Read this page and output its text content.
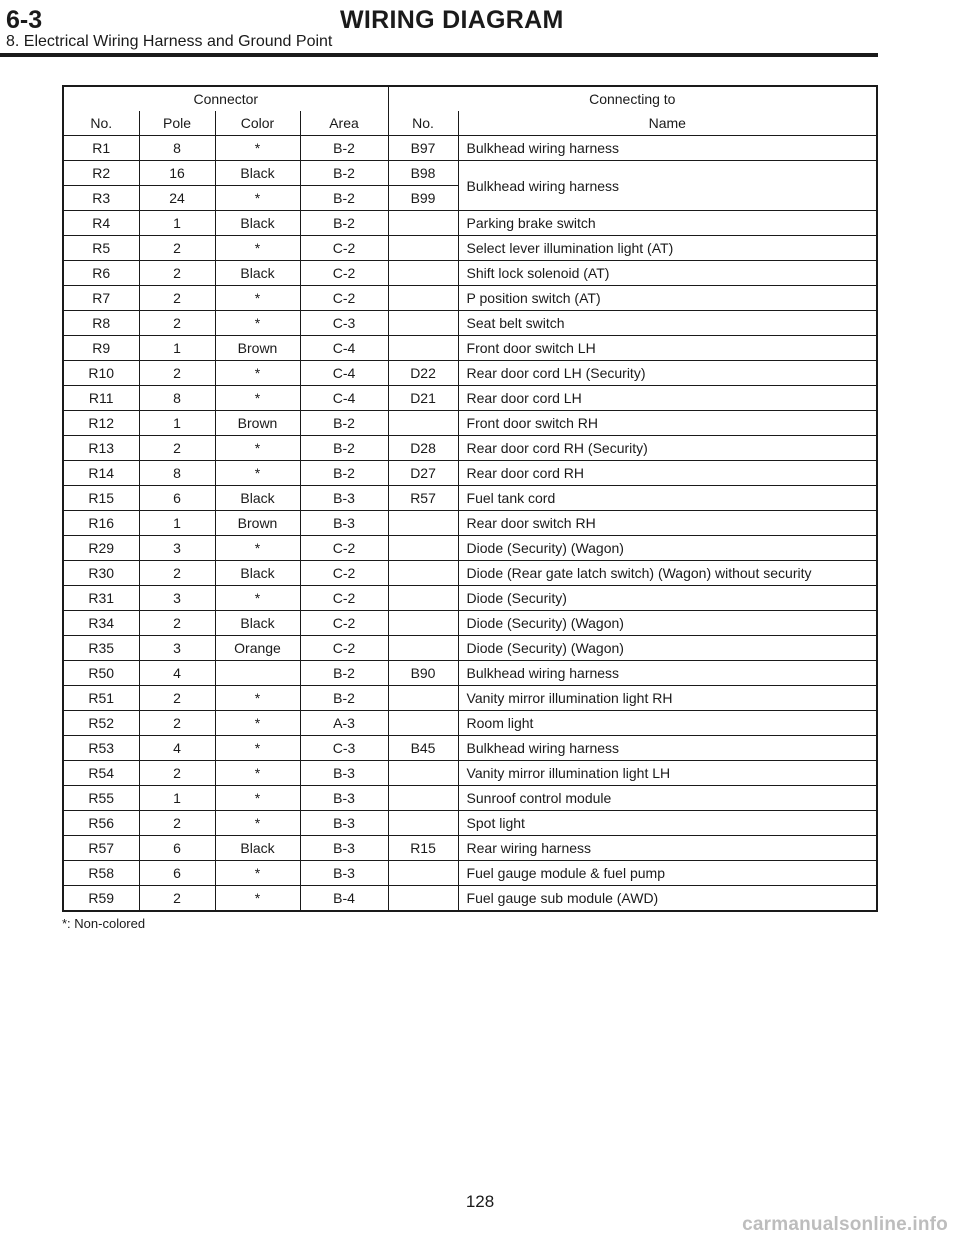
6-3	WIRING DIAGRAM
8. Electrical Wiring Harness and Ground Point
Connector				Connecting to	
No.	Pole	Color	Area	No.	Name
R1	8	*	B-2	B97	Bulkhead wiring harness
R2	16	Black	B-2	B98	Bulkhead wiring harness
R3	24	*	B-2	B99	
R4	1	Black	B-2		Parking brake switch
R5	2	*	C-2		Select lever illumination light (AT)
R6	2	Black	C-2		Shift lock solenoid (AT)
R7	2	*	C-2		P position switch (AT)
R8	2	*	C-3		Seat belt switch
R9	1	Brown	C-4		Front door switch LH
R10	2	*	C-4	D22	Rear door cord LH (Security)
R11	8	*	C-4	D21	Rear door cord LH
R12	1	Brown	B-2		Front door switch RH
R13	2	*	B-2	D28	Rear door cord RH (Security)
R14	8	*	B-2	D27	Rear door cord RH
R15	6	Black	B-3	R57	Fuel tank cord
R16	1	Brown	B-3		Rear door switch RH
R29	3	*	C-2		Diode (Security) (Wagon)
R30	2	Black	C-2		Diode (Rear gate latch switch) (Wagon) without security
R31	3	*	C-2		Diode (Security)
R34	2	Black	C-2		Diode (Security) (Wagon)
R35	3	Orange	C-2		Diode (Security) (Wagon)
R50	4		B-2	B90	Bulkhead wiring harness
R51	2	*	B-2		Vanity mirror illumination light RH
R52	2	*	A-3		Room light
R53	4	*	C-3	B45	Bulkhead wiring harness
R54	2	*	B-3		Vanity mirror illumination light LH
R55	1	*	B-3		Sunroof control module
R56	2	*	B-3		Spot light
R57	6	Black	B-3	R15	Rear wiring harness
R58	6	*	B-3		Fuel gauge module & fuel pump
R59	2	*	B-4		Fuel gauge sub module (AWD)
*: Non-colored
128
carmanualsonline.info
